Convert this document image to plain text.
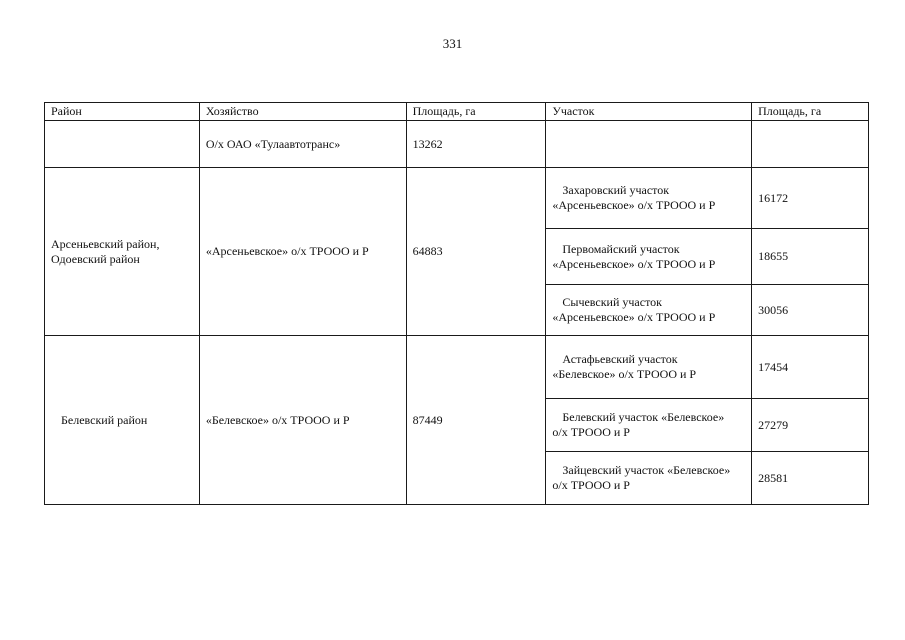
331
Район	Хозяйство	Площадь, га	Участок	Площадь, га
	О/х ОАО «Тулаавтотранс»	13262		
Арсеньевский район, Одоевский район	«Арсеньевское» о/х ТРООО и Р	64883	Захаровский участок
«Арсеньевское» о/х ТРООО и Р	16172

			Первомайский участок
«Арсеньевское» о/х ТРООО и Р	18655

			Сычевский участок
«Арсеньевское» о/х ТРООО и Р	30056
Белевский район	«Белевское» о/х ТРООО и Р	87449	Астафьевский участок
«Белевское» о/х ТРООО и Р	17454

			Белевский участок «Белевское»
о/х ТРООО и Р	27279

			Зайцевский участок «Белевское»
о/х ТРООО и Р	28581
